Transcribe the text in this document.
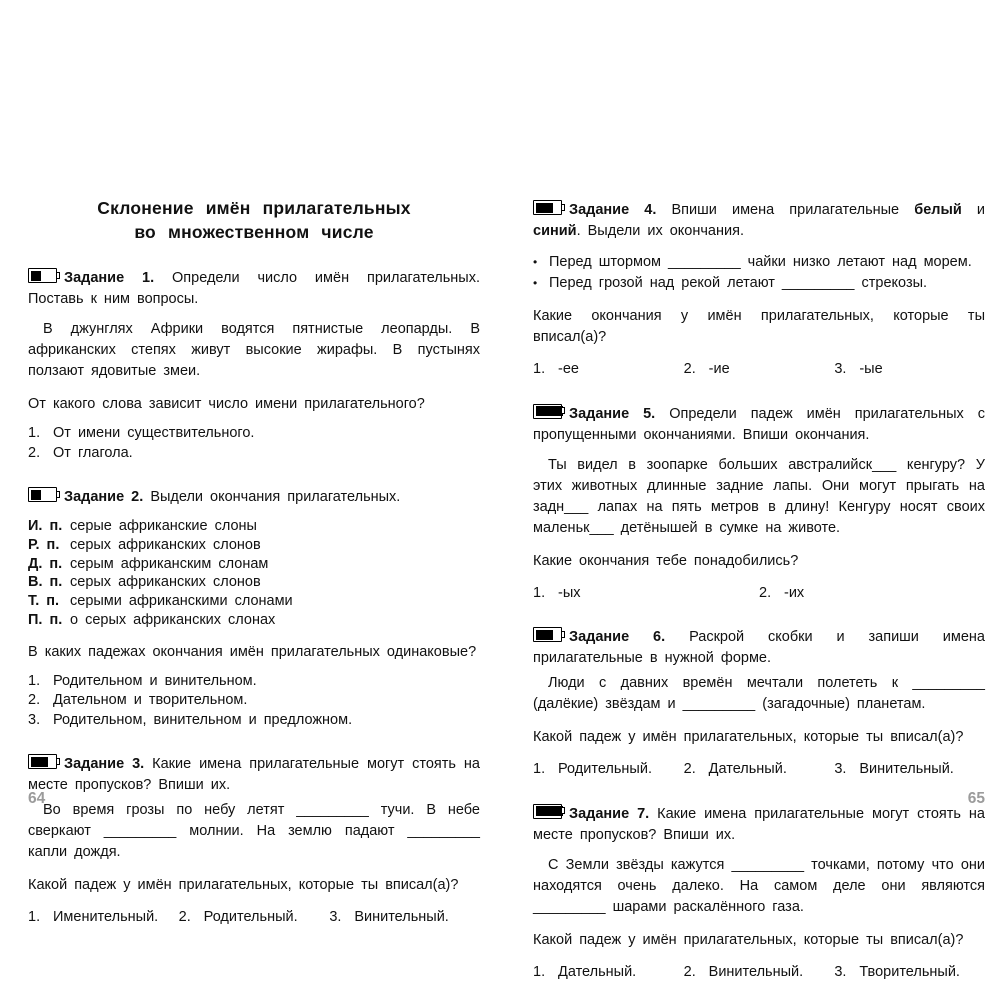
Склонение имён прилагательных
во множественном числе

Задание 1. Определи число имён прилагательных. Поставь к ним вопросы.

В джунглях Африки водятся пятнистые леопарды. В африканских степях живут высокие жирафы. В пустынях ползают ядовитые змеи.

От какого слова зависит число имени прилагательного?

1. От имени существительного.
2. От глагола.

Задание 2. Выдели окончания прилагательных.

И. п. серые африканские слоны
Р. п. серых африканских слонов
Д. п. серым африканским слонам
В. п. серых африканских слонов
Т. п. серыми африканскими слонами
П. п. о серых африканских слонах

В каких падежах окончания имён прилагательных одинаковые?

1. Родительном и винительном.
2. Дательном и творительном.
3. Родительном, винительном и предложном.

Задание 3. Какие имена прилагательные могут стоять на месте пропусков? Впиши их.

Во время грозы по небу летят _________ тучи. В небе сверкают _________ молнии. На землю падают _________ капли дождя.

Какой падеж у имён прилагательных, которые ты вписал(а)?

1. Именительный. 2. Родительный. 3. Винительный.

Задание 4. Впиши имена прилагательные белый и синий. Выдели их окончания.

• Перед штормом _________ чайки низко летают над морем.

• Перед грозой над рекой летают _________ стрекозы.

Какие окончания у имён прилагательных, которые ты вписал(а)?

1. -ее	2. -ие	3. -ые

Задание 5. Определи падеж имён прилагательных с пропущенными окончаниями. Впиши окончания.

Ты видел в зоопарке больших австралийск___ кенгуру? У этих животных длинные задние лапы. Они могут прыгать на задн___ лапах на пять метров в длину! Кенгуру носят своих маленьк___ детёнышей в сумке на животе.

Какие окончания тебе понадобились?

1. -ых	2. -их

Задание 6. Раскрой скобки и запиши имена прилагательные в нужной форме.

Люди с давних времён мечтали полететь к _________ (далёкие) звёздам и _________ (загадочные) планетам.

Какой падеж у имён прилагательных, которые ты вписал(а)?

1. Родительный. 2. Дательный.	3. Винительный.

Задание 7. Какие имена прилагательные могут стоять на месте пропусков? Впиши их.

С Земли звёзды кажутся _________ точками, потому что они находятся очень далеко. На самом деле они являются _________ шарами раскалённого газа.

Какой падеж у имён прилагательных, которые ты вписал(а)?

1. Дательный.	2. Винительный. 3. Творительный.
64	65
